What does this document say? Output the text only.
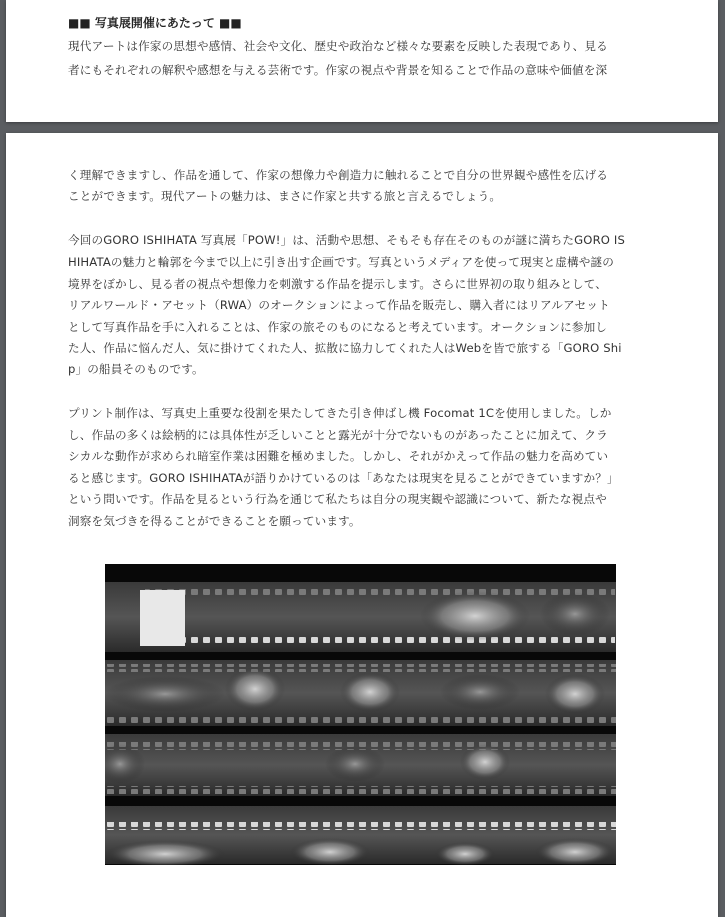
■■ 写真展開催にあたって ■■
現代アートは作家の思想や感情、社会や文化、歴史や政治など様々な要素を反映した表現であり、見る
者にもそれぞれの解釈や感想を与える芸術です。作家の視点や背景を知ることで作品の意味や価値を深
く理解できますし、作品を通して、作家の想像力や創造力に触れることで自分の世界観や感性を広げる
ことができます。現代アートの魅力は、まさに作家と共する旅と言えるでしょう。
今回のGORO ISHIHATA 写真展「POW!」は、活動や思想、そもそも存在そのものが謎に満ちたGORO IS
HIHATAの魅力と輪郭を今まで以上に引き出す企画です。写真というメディアを使って現実と虚構や謎の
境界をぼかし、見る者の視点や想像力を刺激する作品を提示します。さらに世界初の取り組みとして、
リアルワールド・アセット（RWA）のオークションによって作品を販売し、購入者にはリアルアセット
として写真作品を手に入れることは、作家の旅そのものになると考えています。オークションに参加し
た人、作品に悩んだ人、気に掛けてくれた人、拡散に協力してくれた人はWebを皆で旅する「GORO Shi
p」の船員そのものです。
プリント制作は、写真史上重要な役割を果たしてきた引き伸ばし機 Focomat 1Cを使用しました。しか
し、作品の多くは絵柄的には具体性が乏しいことと露光が十分でないものがあったことに加えて、クラ
シカルな動作が求められ暗室作業は困難を極めました。しかし、それがかえって作品の魅力を高めてい
ると感じます。GORO ISHIHATAが語りかけているのは「あなたは現実を見ることができていますか？」
という問いです。作品を見るという行為を通じて私たちは自分の現実観や認識について、新たな視点や
洞察を気づきを得ることができることを願っています。
